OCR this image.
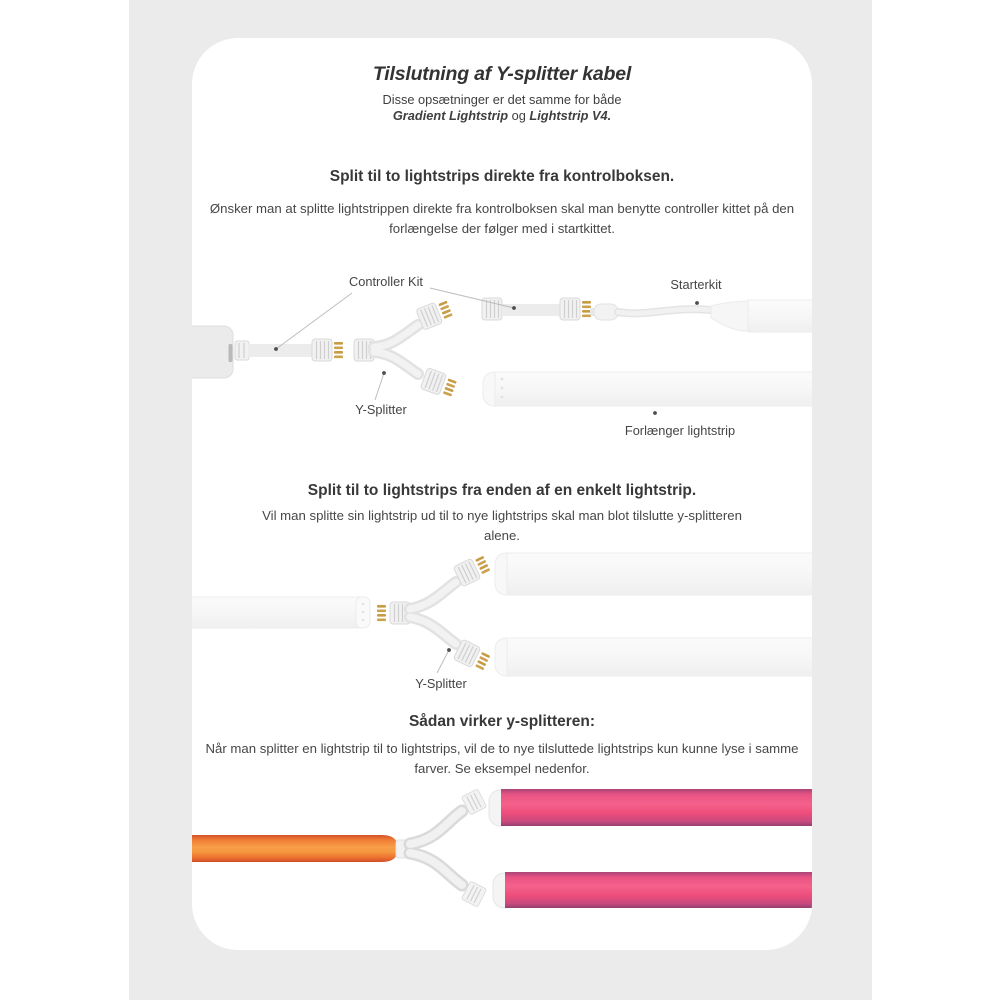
Tilslutning af Y-splitter kabel
Disse opsætninger er det samme for både
Gradient Lightstrip og Lightstrip V4.
Split til to lightstrips direkte fra kontrolboksen.
Ønsker man at splitte lightstrippen direkte fra kontrolboksen skal man benytte controller kittet på den forlængelse der følger med i startkittet.
Controller Kit	Starterkit
Y-Splitter
Forlænger lightstrip
Split til to lightstrips fra enden af en enkelt lightstrip.
Vil man splitte sin lightstrip ud til to nye lightstrips skal man blot tilslutte y-splitteren alene.
Y-Splitter
Sådan virker y-splitteren:
Når man splitter en lightstrip til to lightstrips, vil de to nye tilsluttede lightstrips kun kunne lyse i samme farver. Se eksempel nedenfor.
